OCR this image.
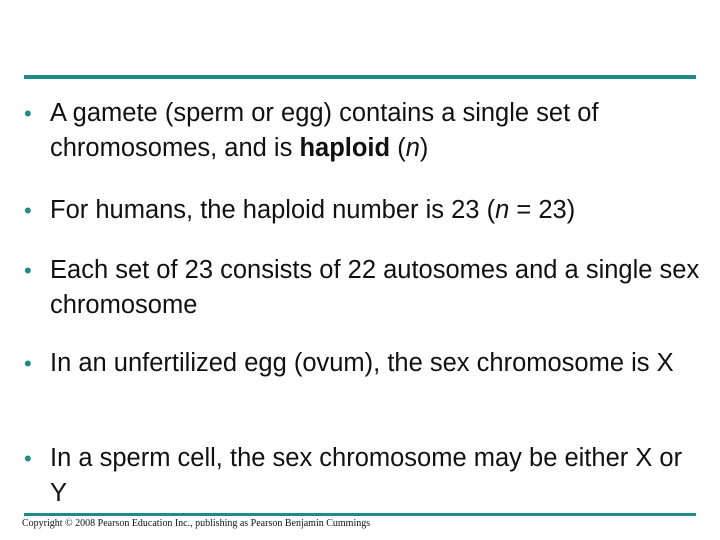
• A gamete (sperm or egg) contains a single set of chromosomes, and is haploid (n)
• For humans, the haploid number is 23 (n = 23)
• Each set of 23 consists of 22 autosomes and a single sex chromosome
• In an unfertilized egg (ovum), the sex chromosome is X
• In a sperm cell, the sex chromosome may be either X or Y
Copyright © 2008 Pearson Education Inc., publishing as Pearson Benjamin Cummings
